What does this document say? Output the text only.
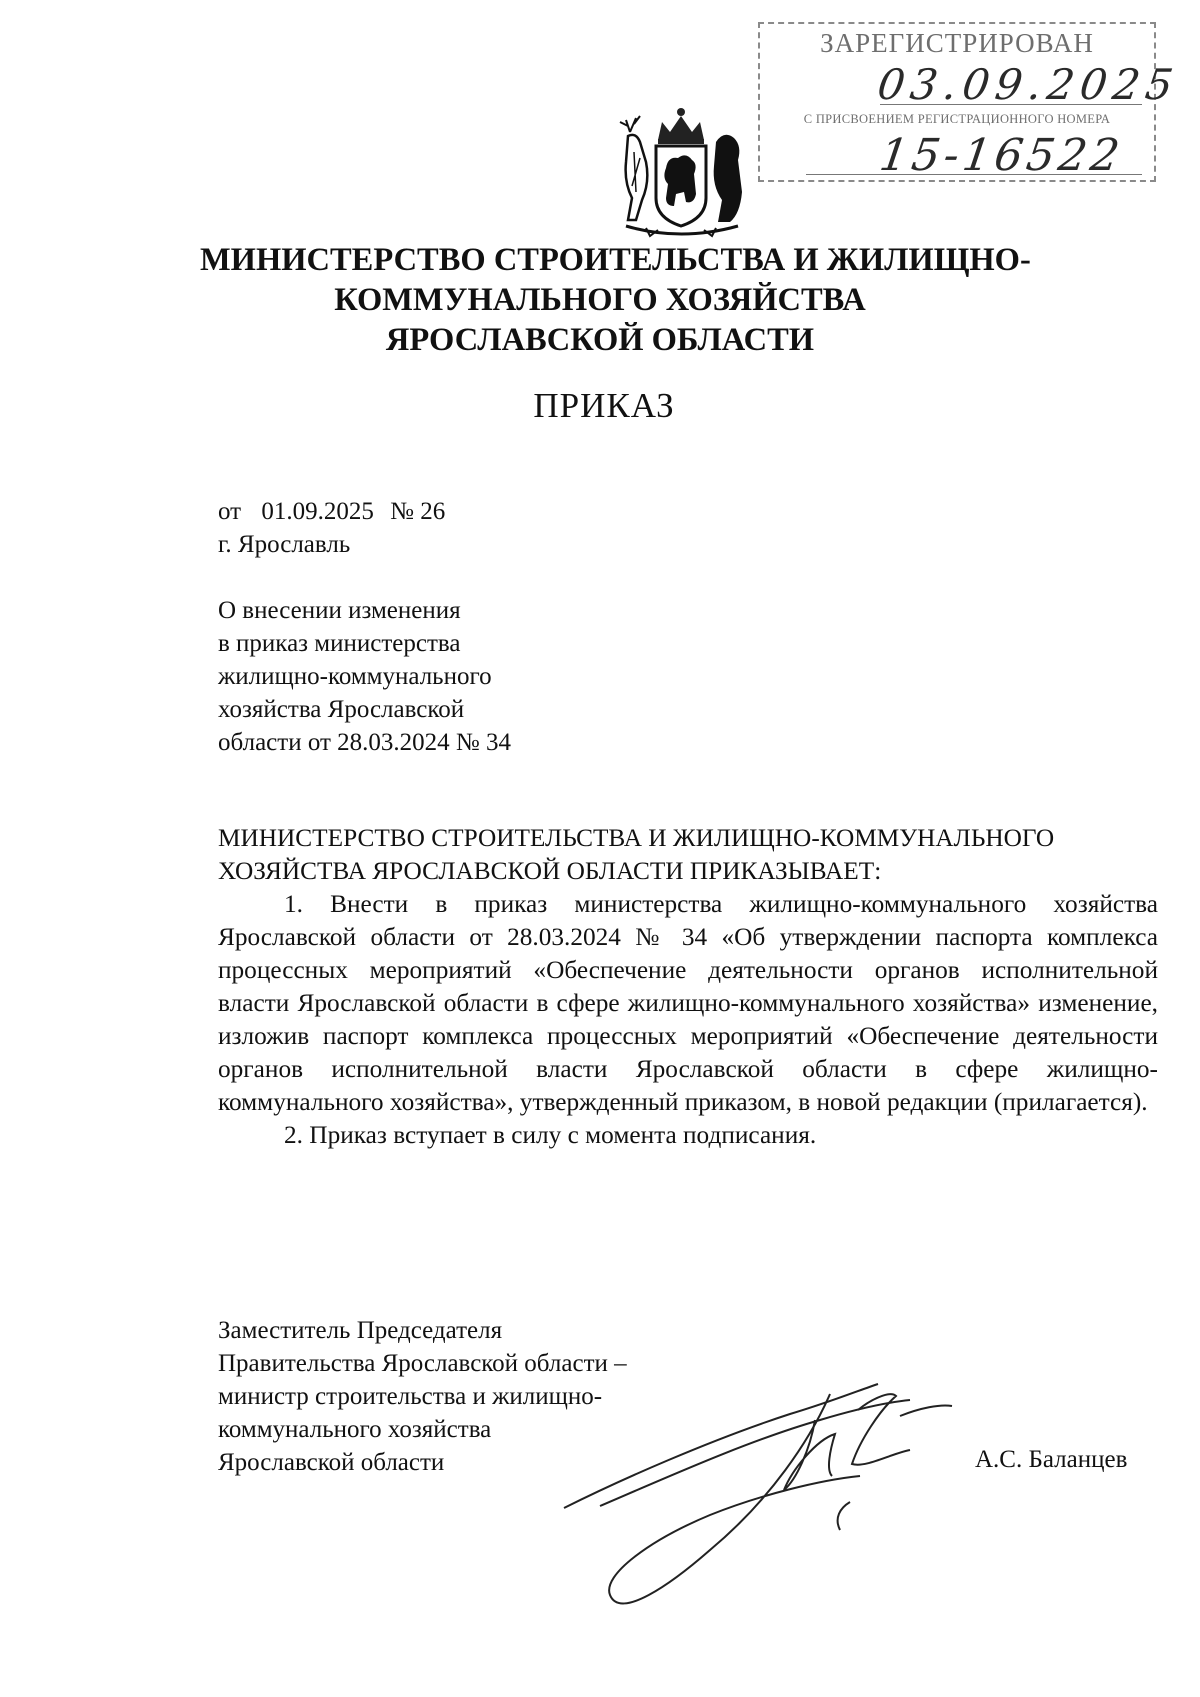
ЗАРЕГИСТРИРОВАН
03.09.2025
С ПРИСВОЕНИЕМ РЕГИСТРАЦИОННОГО НОМЕРА
15-16522
МИНИСТЕРСТВО СТРОИТЕЛЬСТВА И ЖИЛИЩНО-
КОММУНАЛЬНОГО ХОЗЯЙСТВА
ЯРОСЛАВСКОЙ ОБЛАСТИ
ПРИКАЗ
от 01.09.2025 № 26
г. Ярославль
О внесении изменения
в приказ министерства
жилищно-коммунального
хозяйства Ярославской
области от 28.03.2024 № 34
МИНИСТЕРСТВО СТРОИТЕЛЬСТВА И ЖИЛИЩНО-КОММУНАЛЬНОГО
ХОЗЯЙСТВА ЯРОСЛАВСКОЙ ОБЛАСТИ ПРИКАЗЫВАЕТ:

1. Внести в приказ министерства жилищно-коммунального хозяйства Ярославской области от 28.03.2024 № 34 «Об утверждении паспорта комплекса процессных мероприятий «Обеспечение деятельности органов исполнительной власти Ярославской области в сфере жилищно-коммунального хозяйства» изменение, изложив паспорт комплекса процессных мероприятий «Обеспечение деятельности органов исполнительной власти Ярославской области в сфере жилищно-коммунального хозяйства», утвержденный приказом, в новой редакции (прилагается).

2. Приказ вступает в силу с момента подписания.

Заместитель Председателя
Правительства Ярославской области –
министр строительства и жилищно-
коммунального хозяйства
Ярославской области	А.С. Баланцев
